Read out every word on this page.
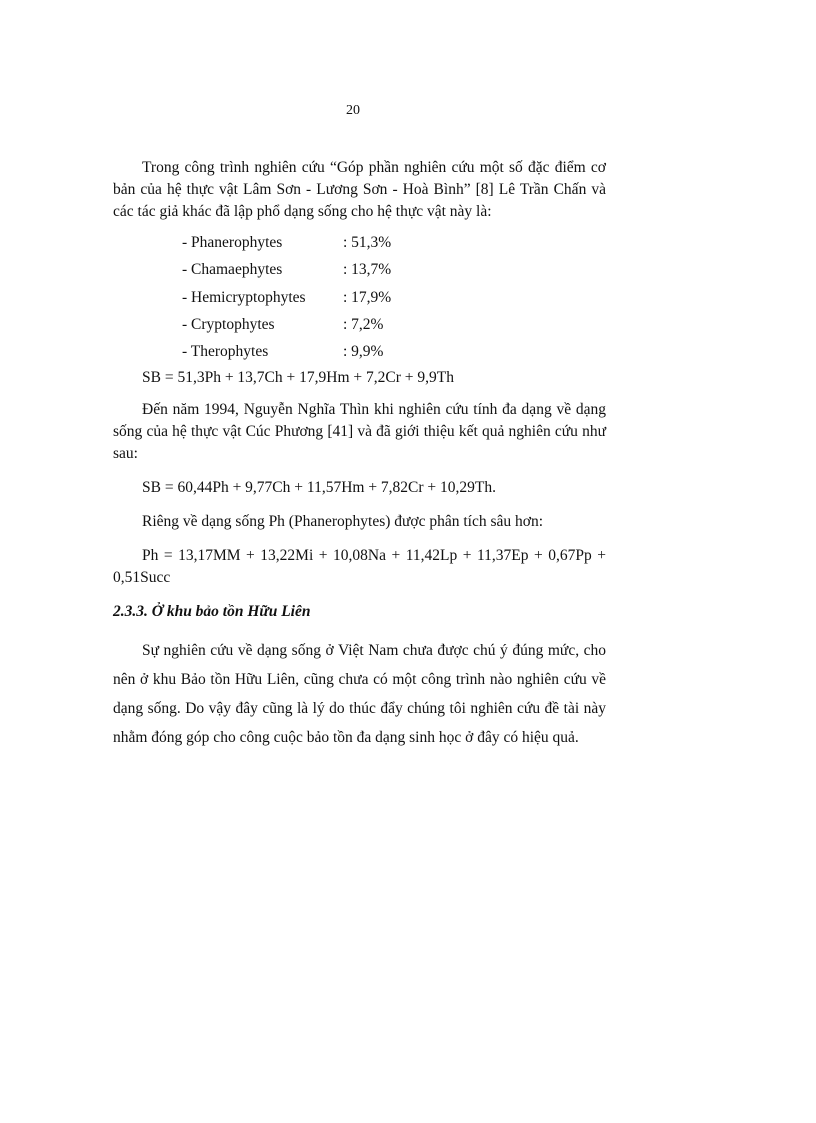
20

Trong công trình nghiên cứu “Góp phần nghiên cứu một số đặc điểm cơ bản của hệ thực vật Lâm Sơn - Lương Sơn - Hoà Bình” [8] Lê Trần Chấn và các tác giả khác đã lập phổ dạng sống cho hệ thực vật này là:

- Phanerophytes	: 51,3%
- Chamaephytes	: 13,7%
- Hemicryptophytes	: 17,9%
- Cryptophytes	: 7,2%
- Therophytes	: 9,9%

SB = 51,3Ph + 13,7Ch + 17,9Hm + 7,2Cr + 9,9Th

Đến năm 1994, Nguyễn Nghĩa Thìn khi nghiên cứu tính đa dạng về dạng sống của hệ thực vật Cúc Phương [41] và đã giới thiệu kết quả nghiên cứu như sau:

SB = 60,44Ph + 9,77Ch + 11,57Hm + 7,82Cr + 10,29Th.

Riêng về dạng sống Ph (Phanerophytes) được phân tích sâu hơn:

Ph = 13,17MM + 13,22Mi + 10,08Na + 11,42Lp + 11,37Ep + 0,67Pp + 0,51Succ

2.3.3. Ở khu bảo tồn Hữu Liên

Sự nghiên cứu về dạng sống ở Việt Nam chưa được chú ý đúng mức, cho nên ở khu Bảo tồn Hữu Liên, cũng chưa có một công trình nào nghiên cứu về dạng sống. Do vậy đây cũng là lý do thúc đẩy chúng tôi nghiên cứu đề tài này nhằm đóng góp cho công cuộc bảo tồn đa dạng sinh học ở đây có hiệu quả.
